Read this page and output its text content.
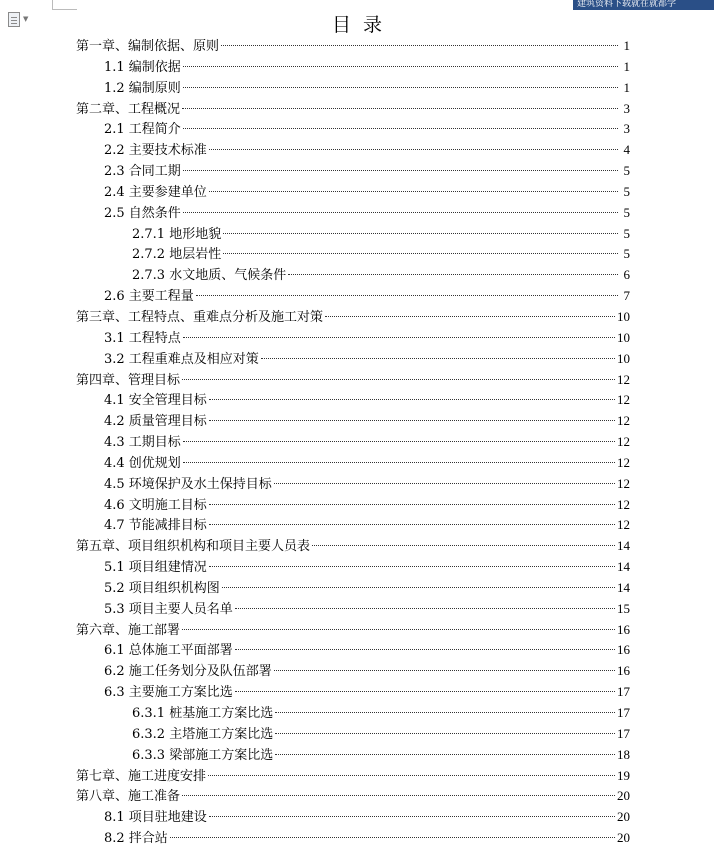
▼
建筑资料下载就在就都学
目录
第一章、编制依据、原则	1
1.1 编制依据	1
1.2 编制原则	1
第二章、工程概况	3
2.1 工程简介	3
2.2 主要技术标准	4
2.3 合同工期	5
2.4 主要参建单位	5
2.5 自然条件	5
2.7.1 地形地貌	5
2.7.2 地层岩性	5
2.7.3 水文地质、气候条件	6
2.6 主要工程量	7
第三章、工程特点、重难点分析及施工对策	10
3.1 工程特点	10
3.2 工程重难点及相应对策	10
第四章、管理目标	12
4.1 安全管理目标	12
4.2 质量管理目标	12
4.3 工期目标	12
4.4 创优规划	12
4.5 环境保护及水土保持目标	12
4.6 文明施工目标	12
4.7 节能减排目标	12
第五章、项目组织机构和项目主要人员表	14
5.1 项目组建情况	14
5.2 项目组织机构图	14
5.3 项目主要人员名单	15
第六章、施工部署	16
6.1 总体施工平面部署	16
6.2 施工任务划分及队伍部署	16
6.3 主要施工方案比选	17
6.3.1 桩基施工方案比选	17
6.3.2 主塔施工方案比选	17
6.3.3 梁部施工方案比选	18
第七章、施工进度安排	19
第八章、施工准备	20
8.1 项目驻地建设	20
8.2 拌合站	20
